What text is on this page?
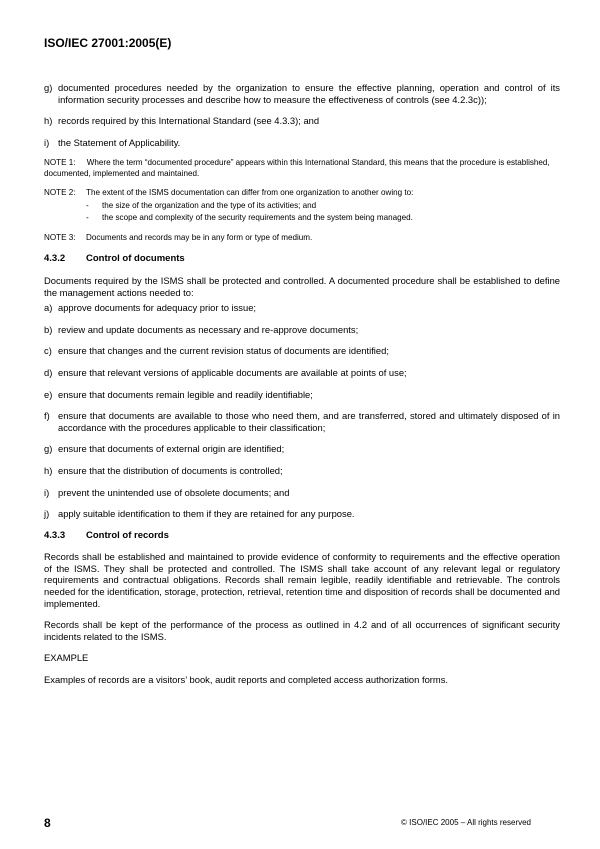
ISO/IEC 27001:2005(E)
g) documented procedures needed by the organization to ensure the effective planning, operation and control of its information security processes and describe how to measure the effectiveness of controls (see 4.2.3c));
h) records required by this International Standard (see 4.3.3); and
i) the Statement of Applicability.
NOTE 1: Where the term “documented procedure” appears within this International Standard, this means that the procedure is established, documented, implemented and maintained.
NOTE 2:	The extent of the ISMS documentation can differ from one organization to another owing to:
-	the size of the organization and the type of its activities; and
-	the scope and complexity of the security requirements and the system being managed.
NOTE 3:	Documents and records may be in any form or type of medium.
4.3.2	Control of documents
Documents required by the ISMS shall be protected and controlled. A documented procedure shall be established to define the management actions needed to:
a) approve documents for adequacy prior to issue;
b) review and update documents as necessary and re-approve documents;
c) ensure that changes and the current revision status of documents are identified;
d) ensure that relevant versions of applicable documents are available at points of use;
e) ensure that documents remain legible and readily identifiable;
f) ensure that documents are available to those who need them, and are transferred, stored and ultimately disposed of in accordance with the procedures applicable to their classification;
g) ensure that documents of external origin are identified;
h) ensure that the distribution of documents is controlled;
i) prevent the unintended use of obsolete documents; and
j) apply suitable identification to them if they are retained for any purpose.
4.3.3	Control of records
Records shall be established and maintained to provide evidence of conformity to requirements and the effective operation of the ISMS. They shall be protected and controlled. The ISMS shall take account of any relevant legal or regulatory requirements and contractual obligations. Records shall remain legible, readily identifiable and retrievable. The controls needed for the identification, storage, protection, retrieval, retention time and disposition of records shall be documented and implemented.
Records shall be kept of the performance of the process as outlined in 4.2 and of all occurrences of significant security incidents related to the ISMS.
EXAMPLE
Examples of records are a visitors’ book, audit reports and completed access authorization forms.
8	© ISO/IEC 2005 – All rights reserved
